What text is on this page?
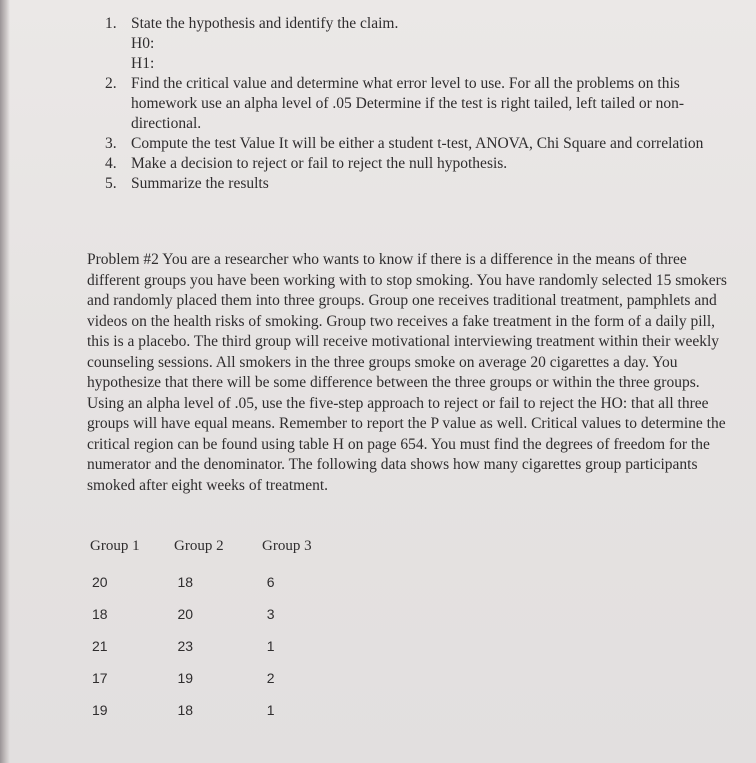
1. State the hypothesis and identify the claim.
H0:
H1:
2. Find the critical value and determine what error level to use. For all the problems on this homework use an alpha level of .05 Determine if the test is right tailed, left tailed or non-directional.
3. Compute the test Value It will be either a student t-test, ANOVA, Chi Square and correlation
4. Make a decision to reject or fail to reject the null hypothesis.
5. Summarize the results

Problem #2 You are a researcher who wants to know if there is a difference in the means of three different groups you have been working with to stop smoking. You have randomly selected 15 smokers and randomly placed them into three groups. Group one receives traditional treatment, pamphlets and videos on the health risks of smoking. Group two receives a fake treatment in the form of a daily pill, this is a placebo. The third group will receive motivational interviewing treatment within their weekly counseling sessions. All smokers in the three groups smoke on average 20 cigarettes a day. You hypothesize that there will be some difference between the three groups or within the three groups. Using an alpha level of .05, use the five-step approach to reject or fail to reject the HO: that all three groups will have equal means. Remember to report the P value as well. Critical values to determine the critical region can be found using table H on page 654. You must find the degrees of freedom for the numerator and the denominator. The following data shows how many cigarettes group participants smoked after eight weeks of treatment.

Group 1	Group 2	Group 3
20	18	6
18	20	3
21	23	1
17	19	2
19	18	1
